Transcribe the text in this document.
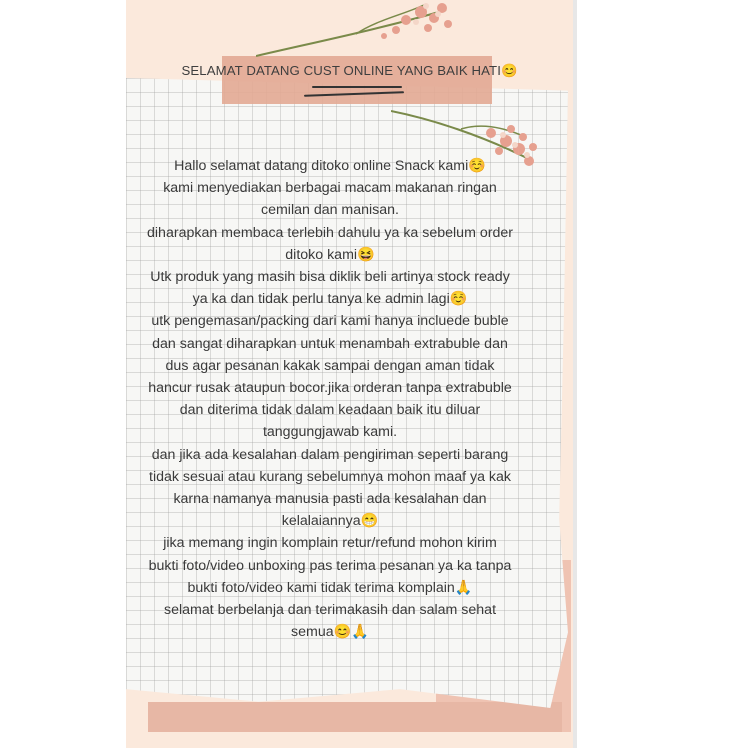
SELAMAT DATANG CUST ONLINE YANG BAIK HATI😊
Hallo selamat datang ditoko online Snack kami☺️
kami menyediakan berbagai macam makanan ringan
cemilan dan manisan.
diharapkan membaca terlebih dahulu ya ka sebelum order
ditoko kami😆
Utk produk yang masih bisa diklik beli artinya stock ready
ya ka dan tidak perlu tanya ke admin lagi☺️
utk pengemasan/packing dari kami hanya incluede buble
dan sangat diharapkan untuk menambah extrabuble dan
dus agar pesanan kakak sampai dengan aman tidak
hancur rusak ataupun bocor.jika orderan tanpa extrabuble
dan diterima tidak dalam keadaan baik itu diluar
tanggungjawab kami.
dan jika ada kesalahan dalam pengiriman seperti barang
tidak sesuai atau kurang sebelumnya mohon maaf ya kak
karna namanya manusia pasti ada kesalahan dan
kelalaiannya😁
jika memang ingin komplain retur/refund mohon kirim
bukti foto/video unboxing pas terima pesanan ya ka tanpa
bukti foto/video kami tidak terima komplain🙏
selamat berbelanja dan terimakasih dan salam sehat
semua😊🙏
